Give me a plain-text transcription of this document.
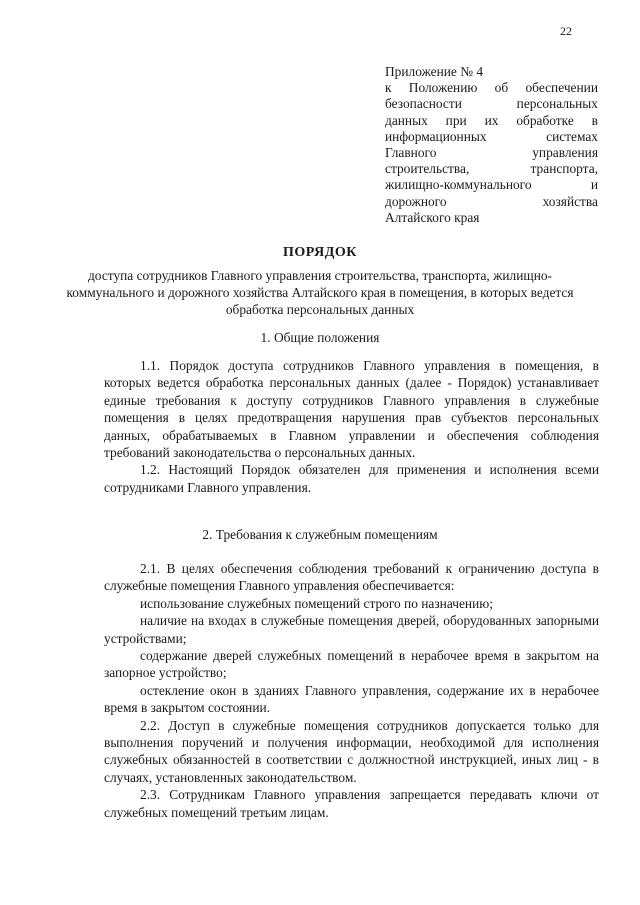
22
Приложение № 4
к Положению об обеспечении
безопасности персональных
данных при их обработке в
информационных системах
Главного управления
строительства, транспорта,
жилищно-коммунального и
дорожного хозяйства
Алтайского края
ПОРЯДОК
доступа сотрудников Главного управления строительства, транспорта, жилищно-коммунального и дорожного хозяйства Алтайского края в помещения, в которых ведется обработка персональных данных
1. Общие положения

1.1. Порядок доступа сотрудников Главного управления в помещения, в которых ведется обработка персональных данных (далее - Порядок) устанавливает единые требования к доступу сотрудников Главного управления в служебные помещения в целях предотвращения нарушения прав субъектов персональных данных, обрабатываемых в Главном управлении и обеспечения соблюдения требований законодательства о персональных данных.

1.2. Настоящий Порядок обязателен для применения и исполнения всеми сотрудниками Главного управления.

2. Требования к служебным помещениям

2.1. В целях обеспечения соблюдения требований к ограничению доступа в служебные помещения Главного управления обеспечивается:

использование служебных помещений строго по назначению;

наличие на входах в служебные помещения дверей, оборудованных запорными устройствами;

содержание дверей служебных помещений в нерабочее время в закрытом на запорное устройство;

остекление окон в зданиях Главного управления, содержание их в нерабочее время в закрытом состоянии.

2.2. Доступ в служебные помещения сотрудников допускается только для выполнения поручений и получения информации, необходимой для исполнения служебных обязанностей в соответствии с должностной инструкцией, иных лиц - в случаях, установленных законодательством.

2.3. Сотрудникам Главного управления запрещается передавать ключи от служебных помещений третьим лицам.
